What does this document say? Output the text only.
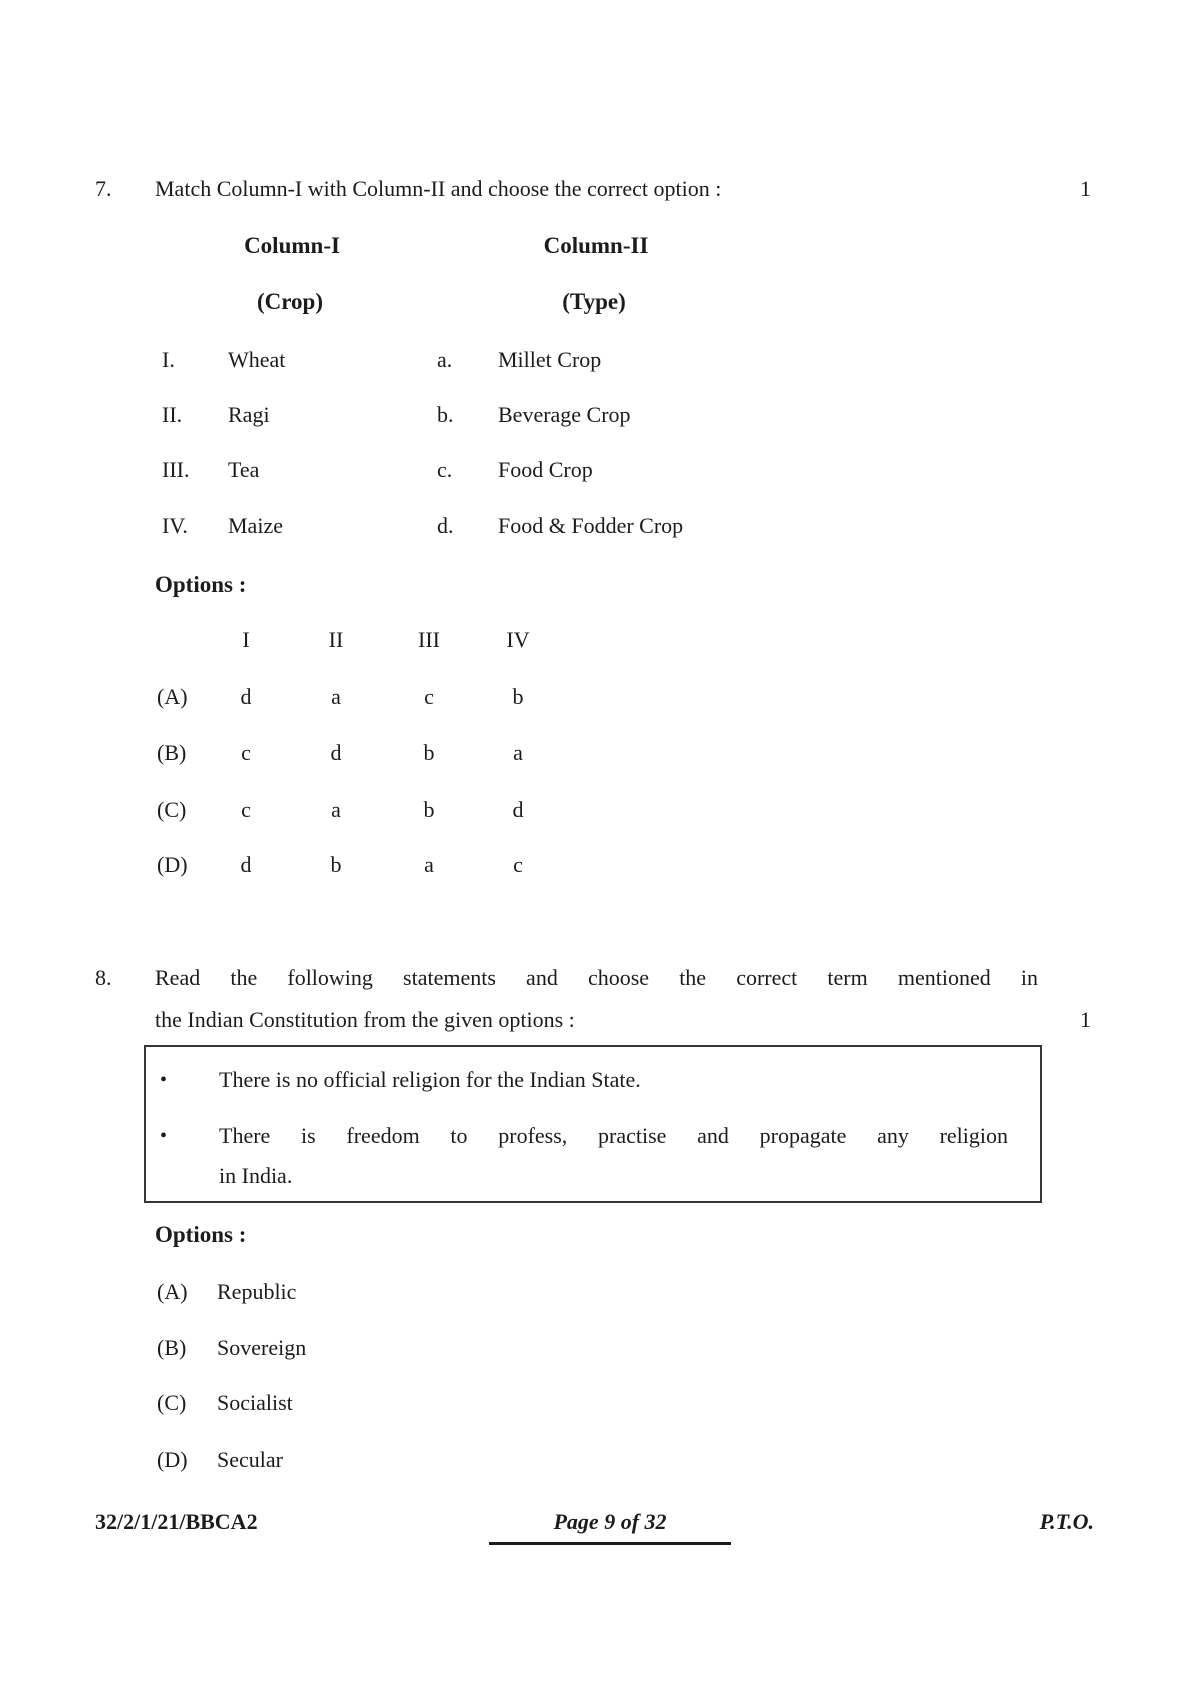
7.	Match Column-I with Column-II and choose the correct option :	1
Column-I	Column-II
(Crop)	(Type)
I. Wheat	a. Millet Crop
II. Ragi	b. Beverage Crop
III. Tea	c. Food Crop
IV. Maize	d. Food & Fodder Crop
Options :
I	II	III	IV
(A) d	a	c	b
(B) c	d	b	a
(C) c	a	b	d
(D) d	b	a	c
8.	Read the following statements and choose the correct term mentioned in
the Indian Constitution from the given options :	1
•	There is no official religion for the Indian State.
•	There is freedom to profess, practise and propagate any religion
in India.
Options :
(A) Republic
(B) Sovereign
(C) Socialist
(D) Secular
32/2/1/21/BBCA2	Page 9 of 32	P.T.O.
